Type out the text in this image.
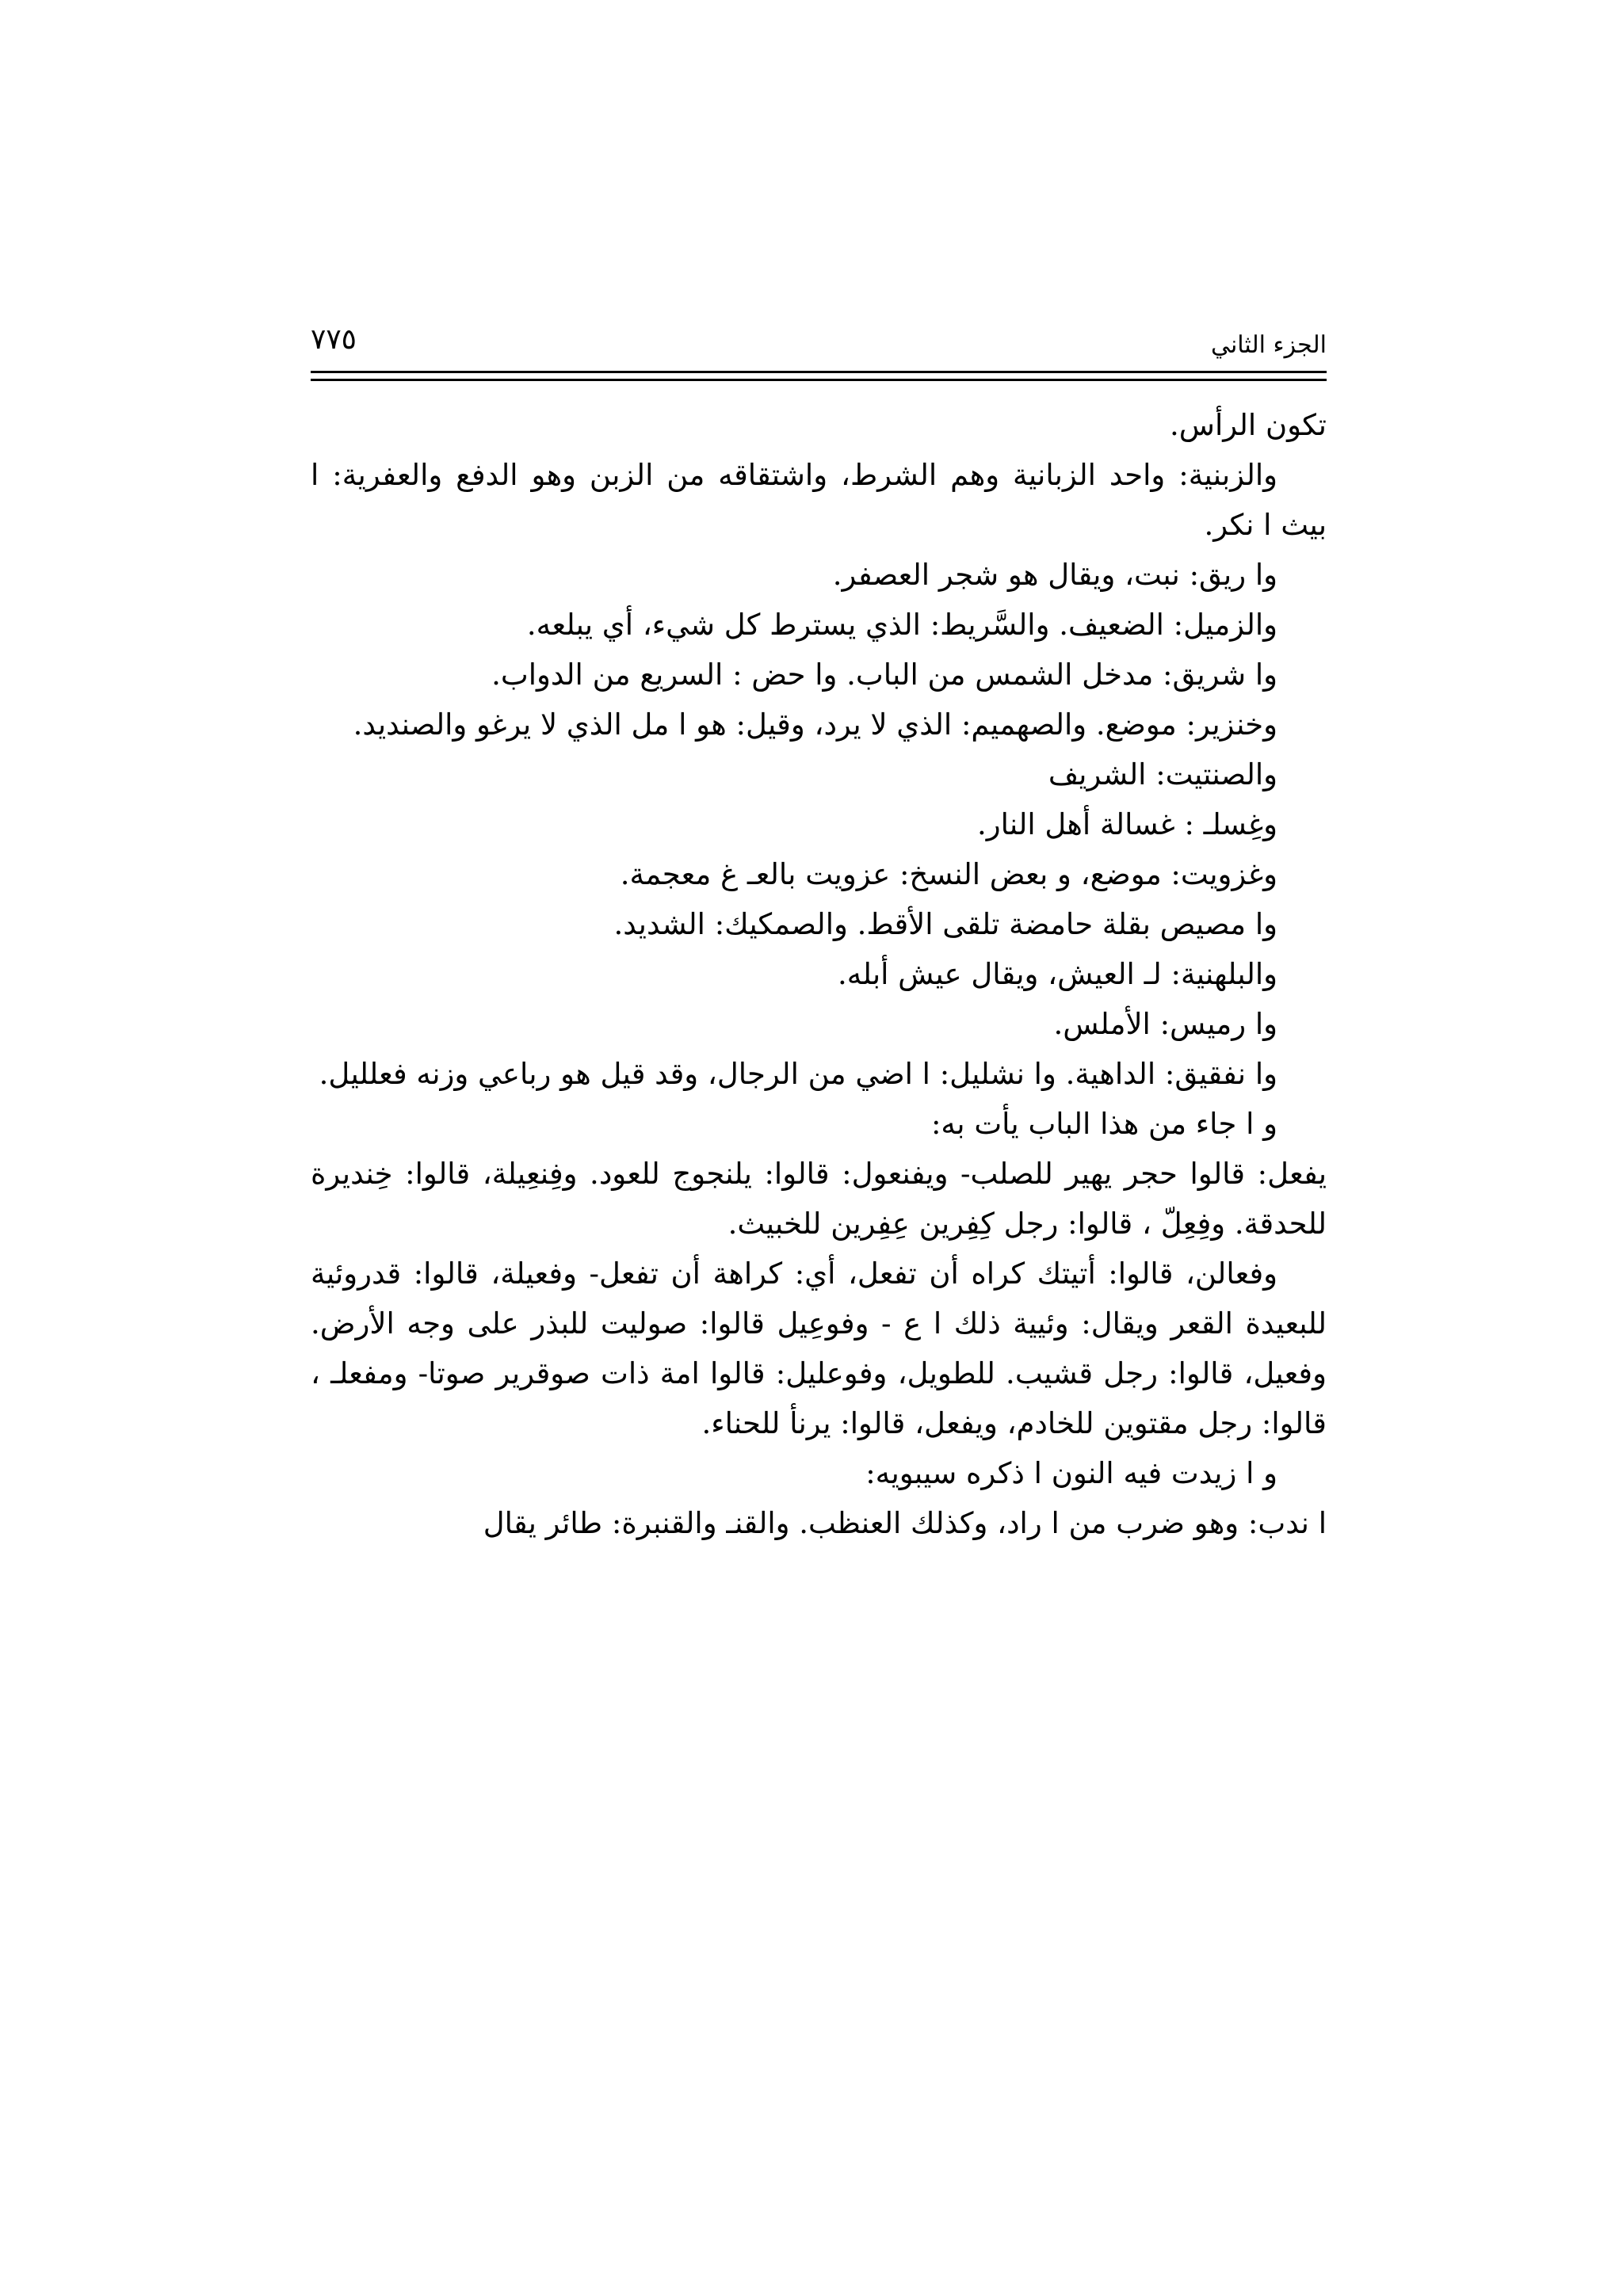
الجزء الثاني
٧٧٥

تكون الرأس.

والزبنية: واحد الزبانية وهم الشرط، واشتقاقه من الزبن وهو الدفع والعفرية: ا بيث ا نكر.

وا ريق: نبت، ويقال هو شجر العصفر.

والزميل: الضعيف. والسَّريط: الذي يسترط كل شيء، أي يبلعه.

وا شريق: مدخل الشمس من الباب. وا حض : السريع من الدواب.

وخنزير: موضع. والصهميم: الذي لا يرد، وقيل: هو ا مل الذي لا يرغو والصنديد.

والصنتيت: الشريف

وغِسلـ : غسالة أهل النار.

وغزويت: موضع، و بعض النسخ: عزويت بالعـ غ معجمة.

وا مصيص بقلة حامضة تلقى الأقط. والصمكيك: الشديد.

والبلهنية: لـ العيش، ويقال عيش أبله.

وا رميس: الأملس.

وا نفقيق: الداهية. وا نشليل: ا اضي من الرجال، وقد قيل هو رباعي وزنه فعلليل.

و ا جاء من هذا الباب يأت به:

يفعل: قالوا حجر يهير للصلب- ويفنعول: قالوا: يلنجوج للعود. وفِنعِيلة، قالوا: خِنديرة للحدقة. وفِعِلّ ، قالوا: رجل كِفِرين عِفِرين للخبيث.

وفعالن، قالوا: أتيتك كراه أن تفعل، أي: كراهة أن تفعل- وفعيلة، قالوا: قدروئية للبعيدة القعر ويقال: وئيية ذلك ا ع - وفوعِيل قالوا: صوليت للبذر على وجه الأرض. وفعيل، قالوا: رجل قشيب. للطويل، وفوعليل: قالوا امة ذات صوقرير صوتا- ومفعلـ ، قالوا: رجل مقتوين للخادم، ويفعل، قالوا: يرنأ للحناء.

و ا زيدت فيه النون ا ذكره سيبويه:

ا ندب: وهو ضرب من ا راد، وكذلك العنظب. والقنـ والقنبرة: طائر يقال
